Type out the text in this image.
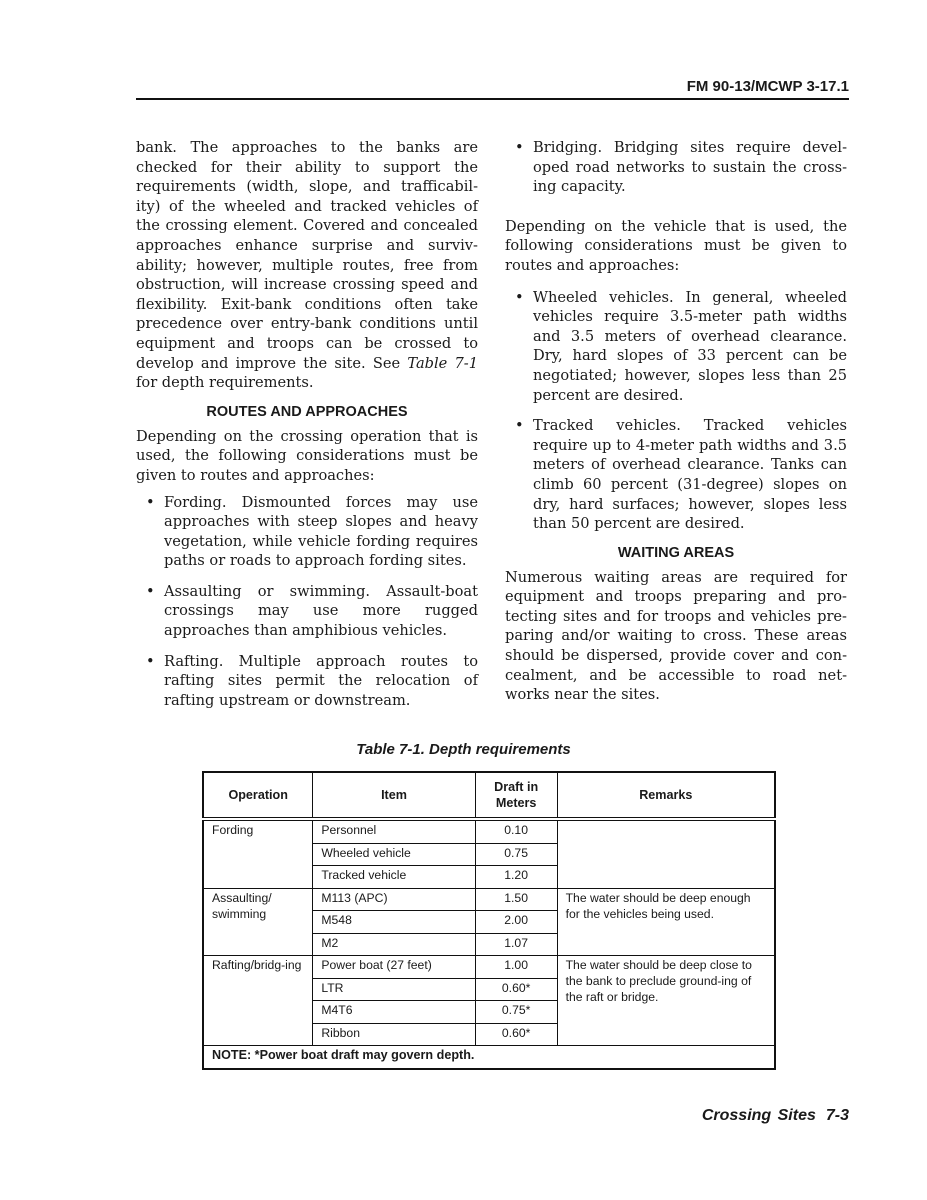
FM 90-13/MCWP 3-17.1

bank. The approaches to the banks are checked for their ability to support the requirements (width, slope, and trafficabil-ity) of the wheeled and tracked vehicles of the crossing element. Covered and concealed approaches enhance surprise and surviv-ability; however, multiple routes, free from obstruction, will increase crossing speed and flexibility. Exit-bank conditions often take precedence over entry-bank conditions until equipment and troops can be crossed to develop and improve the site. See Table 7-1 for depth requirements.

ROUTES AND APPROACHES

Depending on the crossing operation that is used, the following considerations must be given to routes and approaches:

• Fording. Dismounted forces may use approaches with steep slopes and heavy vegetation, while vehicle fording requires paths or roads to approach fording sites.
• Assaulting or swimming. Assault-boat crossings may use more rugged approaches than amphibious vehicles.
• Rafting. Multiple approach routes to rafting sites permit the relocation of rafting upstream or downstream.
• Bridging. Bridging sites require devel-oped road networks to sustain the cross-ing capacity.

Depending on the vehicle that is used, the following considerations must be given to routes and approaches:

• Wheeled vehicles. In general, wheeled vehicles require 3.5-meter path widths and 3.5 meters of overhead clearance. Dry, hard slopes of 33 percent can be negotiated; however, slopes less than 25 percent are desired.
• Tracked vehicles. Tracked vehicles require up to 4-meter path widths and 3.5 meters of overhead clearance. Tanks can climb 60 percent (31-degree) slopes on dry, hard surfaces; however, slopes less than 50 percent are desired.
WAITING AREAS

Numerous waiting areas are required for equipment and troops preparing and pro-tecting sites and for troops and vehicles pre-paring and/or waiting to cross. These areas should be dispersed, provide cover and con-cealment, and be accessible to road net-works near the sites.

Table 7-1. Depth requirements
Operation	Item	Draft in Meters	Remarks
Fording	Personnel	0.10	
	Wheeled vehicle	0.75	
	Tracked vehicle	1.20	
Assaulting/ swimming	M113 (APC)	1.50	The water should be deep enough for the vehicles being used.
	M548	2.00	
	M2	1.07	
Rafting/bridg-ing	Power boat (27 feet)	1.00	The water should be deep close to the bank to preclude ground-ing of the raft or bridge.
	LTR	0.60*	
	M4T6	0.75*	
	Ribbon	0.60*	
NOTE: *Power boat draft may govern depth.			
Crossing Sites 7-3
